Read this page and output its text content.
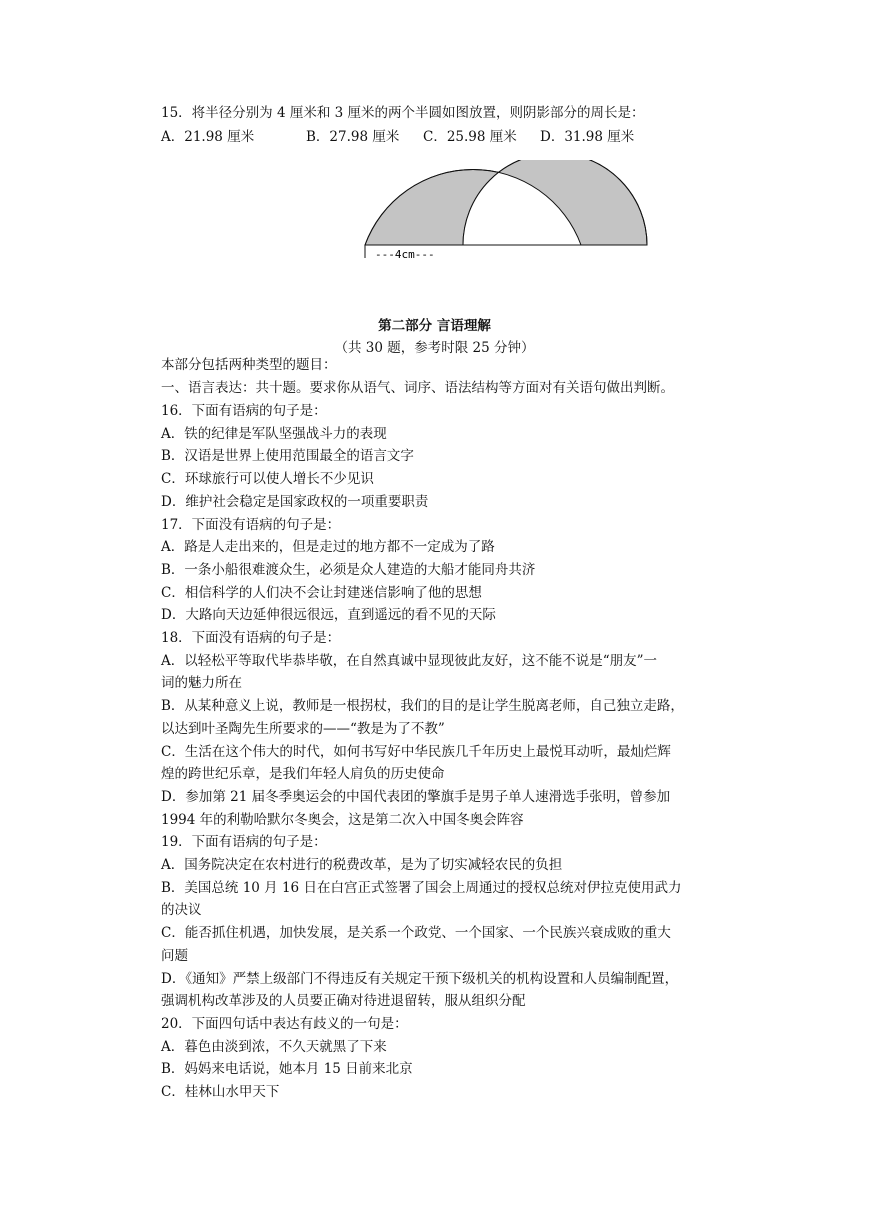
15．将半径分别为 4 厘米和 3 厘米的两个半圆如图放置，则阴影部分的周长是：
A．21.98 厘米	B．27.98 厘米 C．25.98 厘米 D．31.98 厘米
---4cm---
第二部分 言语理解
（共 30 题，参考时限 25 分钟）
本部分包括两种类型的题目：
一、语言表达：共十题。要求你从语气、词序、语法结构等方面对有关语句做出判断。
16．下面有语病的句子是：
A．铁的纪律是军队坚强战斗力的表现
B．汉语是世界上使用范围最全的语言文字
C．环球旅行可以使人增长不少见识
D．维护社会稳定是国家政权的一项重要职责
17．下面没有语病的句子是：
A．路是人走出来的，但是走过的地方都不一定成为了路
B．一条小船很难渡众生，必须是众人建造的大船才能同舟共济
C．相信科学的人们决不会让封建迷信影响了他的思想
D．大路向天边延伸很远很远，直到遥远的看不见的天际
18．下面没有语病的句子是：
A．以轻松平等取代毕恭毕敬，在自然真诚中显现彼此友好，这不能不说是“朋友”一
词的魅力所在
B．从某种意义上说，教师是一根拐杖，我们的目的是让学生脱离老师，自己独立走路，
以达到叶圣陶先生所要求的——“教是为了不教”
C．生活在这个伟大的时代，如何书写好中华民族几千年历史上最悦耳动听，最灿烂辉
煌的跨世纪乐章，是我们年轻人肩负的历史使命
D．参加第 21 届冬季奥运会的中国代表团的擎旗手是男子单人速滑选手张明，曾参加
1994 年的利勒哈默尔冬奥会，这是第二次入中国冬奥会阵容
19．下面有语病的句子是：
A．国务院决定在农村进行的税费改革，是为了切实减轻农民的负担
B．美国总统 10 月 16 日在白宫正式签署了国会上周通过的授权总统对伊拉克使用武力
的决议
C．能否抓住机遇，加快发展，是关系一个政党、一个国家、一个民族兴衰成败的重大
问题
D．《通知》严禁上级部门不得违反有关规定干预下级机关的机构设置和人员编制配置，
强调机构改革涉及的人员要正确对待进退留转，服从组织分配
20．下面四句话中表达有歧义的一句是：
A．暮色由淡到浓，不久天就黑了下来
B．妈妈来电话说，她本月 15 日前来北京
C．桂林山水甲天下
